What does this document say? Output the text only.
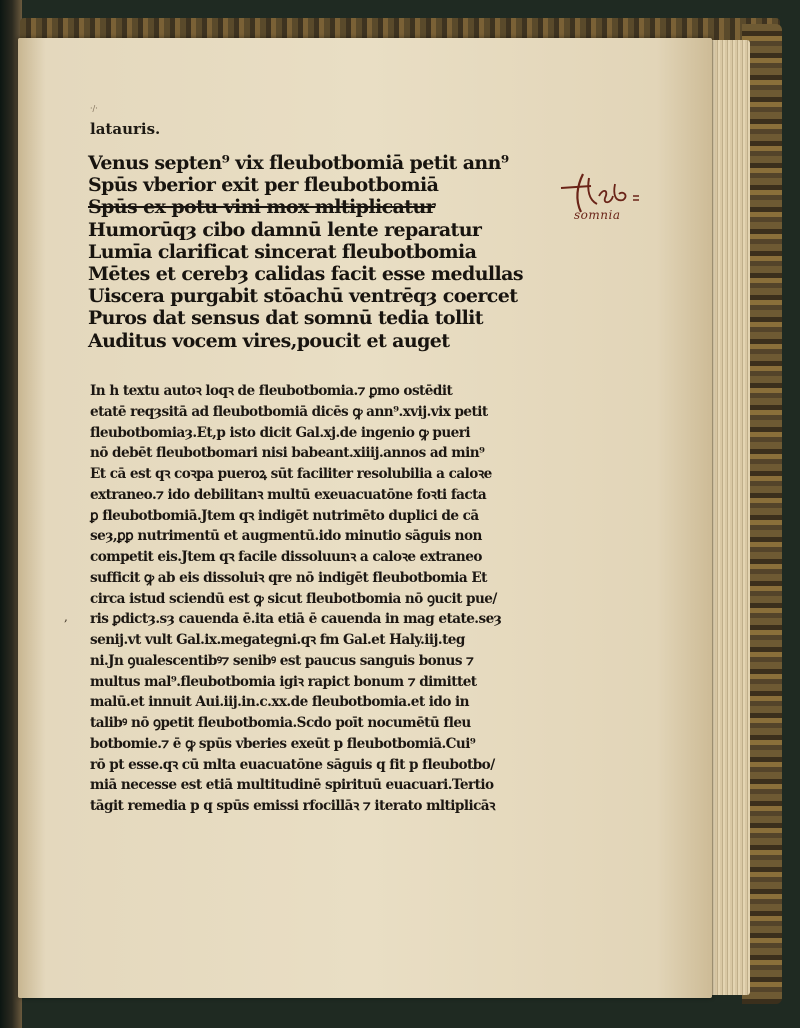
·/·
latauris.
Venus septen⁹ vix fleubotbomiā petit ann⁹
Spūs vberior exit per fleubotbomiā
Spūs ex potu vini mox mltiplicatur
Humorūqȝ cibo damnū lente reparatur
Lumīa clarificat sincerat fleubotbomia
Mētes et cerebȝ calidas facit esse medullas
Uiscera purgabit stōachū ventrēqȝ coercet
Puros dat sensus dat somnū tedia tollit
Auditus vocem vires,poucit et auget
somnia
,
In h textu autoꝛ loqꝛ de fleubotbomia.⁊ ꝑmo ostēdit
etatē reqȝsitā ad fleubotbomiā dicēs ꝙ ann⁹.xvij.vix petit
fleubotbomiaȝ.Et,p isto dicit Gal.xj.de ingenio ꝙ pueri
nō debēt fleubotbomari nisi babeant.xiiij.annos ad min⁹
Et cā est qꝛ coꝛpa pueroꝝ sūt faciliter resolubilia a caloꝛe
extraneo.⁊ ido debilitanꝛ multū exeuacuatōne foꝛti facta
ꝑ fleubotbomiā.Jtem qꝛ indigēt nutrimēto duplici de cā
seȝ,ꝑꝑ nutrimentū et augmentū.ido minutio sāguis non
competit eis.Jtem qꝛ facile dissoluunꝛ a caloꝛe extraneo
sufficit ꝙ ab eis dissoluiꝛ qre nō indigēt fleubotbomia Et
circa istud sciendū est ꝙ sicut fleubotbomia nō ꝯucit pue/
ris ꝑdictȝ.sȝ cauenda ē.ita etiā ē cauenda in mag etate.seȝ
senij.vt vult Gal.ix.megategni.qꝛ fm Gal.et Haly.iij.teg
ni.Jn ꝯualescentibꝰ⁊ senibꝰ est paucus sanguis bonus ⁊
multus mal⁹.fleubotbomia igiꝛ rapict bonum ⁊ dimittet
malū.et innuit Aui.iij.in.c.xx.de fleubotbomia.et ido in
talibꝰ nō ꝯpetit fleubotbomia.Scdo poīt nocumētū fleu
botbomie.⁊ ē ꝙ spūs vberies exeūt p fleubotbomiā.Cui⁹
rō pt esse.qꝛ cū mlta euacuatōne sāguis q fit p fleubotbo/
miā necesse est etiā multitudinē spirituū euacuari.Tertio
tāgit remedia p q spūs emissi rfocillāꝛ ⁊ iterato mltiplicāꝛ
